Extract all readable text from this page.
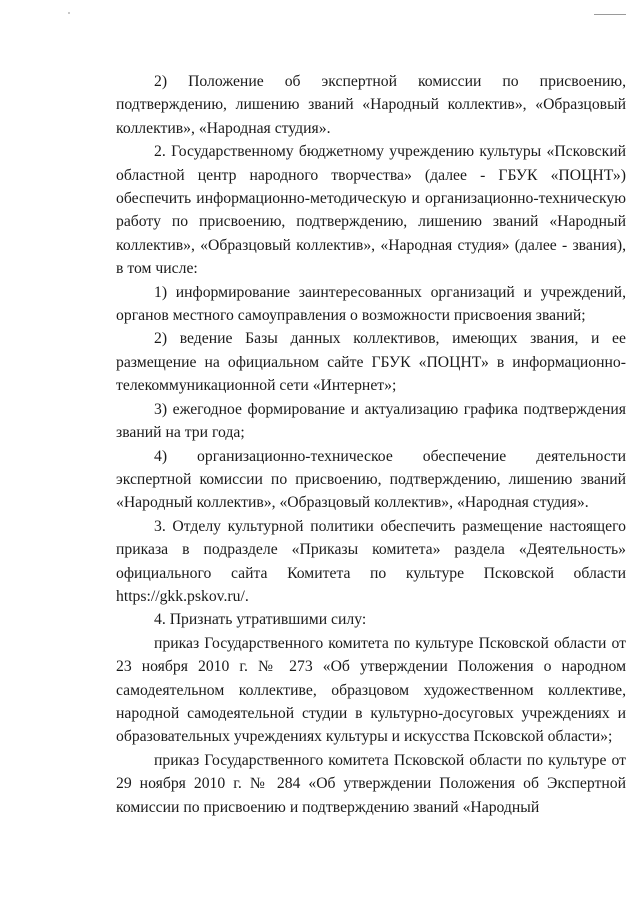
2) Положение об экспертной комиссии по присвоению, подтверждению, лишению званий «Народный коллектив», «Образцовый коллектив», «Народная студия».

2. Государственному бюджетному учреждению культуры «Псковский областной центр народного творчества» (далее - ГБУК «ПОЦНТ») обеспечить информационно-методическую и организационно-техническую работу по присвоению, подтверждению, лишению званий «Народный коллектив», «Образцовый коллектив», «Народная студия» (далее - звания), в том числе:

1) информирование заинтересованных организаций и учреждений, органов местного самоуправления о возможности присвоения званий;

2) ведение Базы данных коллективов, имеющих звания, и ее размещение на официальном сайте ГБУК «ПОЦНТ» в информационно-телекоммуникационной сети «Интернет»;

3) ежегодное формирование и актуализацию графика подтверждения званий на три года;

4) организационно-техническое обеспечение деятельности экспертной комиссии по присвоению, подтверждению, лишению званий «Народный коллектив», «Образцовый коллектив», «Народная студия».

3. Отделу культурной политики обеспечить размещение настоящего приказа в подразделе «Приказы комитета» раздела «Деятельность» официального сайта Комитета по культуре Псковской области https://gkk.pskov.ru/.

4. Признать утратившими силу:

приказ Государственного комитета по культуре Псковской области от 23 ноября 2010 г. № 273 «Об утверждении Положения о народном самодеятельном коллективе, образцовом художественном коллективе, народной самодеятельной студии в культурно-досуговых учреждениях и образовательных учреждениях культуры и искусства Псковской области»;

приказ Государственного комитета Псковской области по культуре от 29 ноября 2010 г. № 284 «Об утверждении Положения об Экспертной комиссии по присвоению и подтверждению званий «Народный
